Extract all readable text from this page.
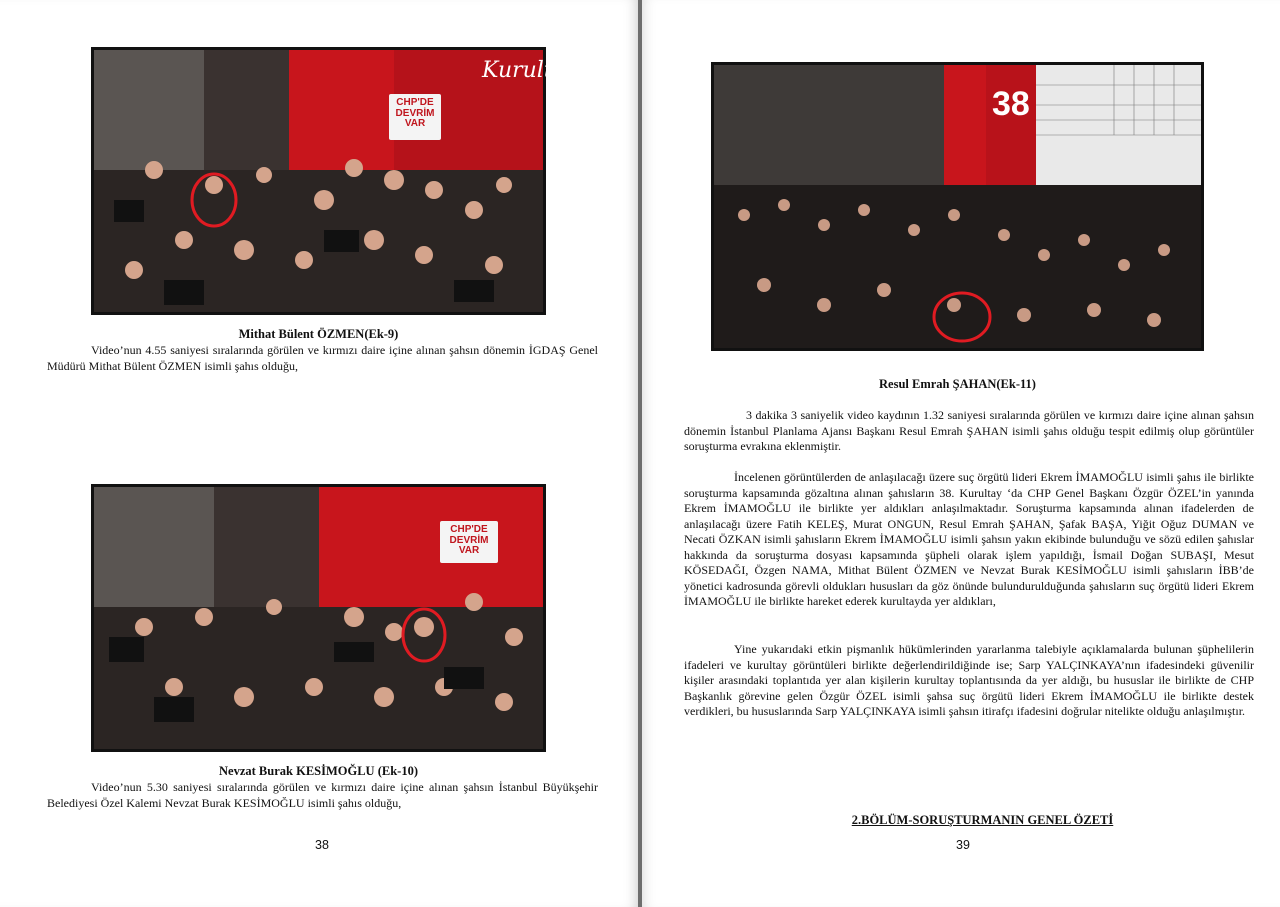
CHP'DE DEVRİM VAR
Kurultay
Mithat Bülent ÖZMEN(Ek-9)

Video’nun 4.55 saniyesi sıralarında görülen ve kırmızı daire içine alınan şahsın dönemin İGDAŞ Genel Müdürü Mithat Bülent ÖZMEN isimli şahıs olduğu,

CHP'DE DEVRİM VAR
Nevzat Burak KESİMOĞLU (Ek-10)

Video’nun 5.30 saniyesi sıralarında görülen ve kırmızı daire içine alınan şahsın İstanbul Büyükşehir Belediyesi Özel Kalemi Nevzat Burak KESİMOĞLU isimli şahıs olduğu,

38
38
Resul Emrah ŞAHAN(Ek-11)

3 dakika 3 saniyelik video kaydının 1.32 saniyesi sıralarında görülen ve kırmızı daire içine alınan şahsın dönemin İstanbul Planlama Ajansı Başkanı Resul Emrah ŞAHAN isimli şahıs olduğu tespit edilmiş olup görüntüler soruşturma evrakına eklenmiştir.

İncelenen görüntülerden de anlaşılacağı üzere suç örgütü lideri Ekrem İMAMOĞLU isimli şahıs ile birlikte soruşturma kapsamında gözaltına alınan şahısların 38. Kurultay ‘da CHP Genel Başkanı Özgür ÖZEL’in yanında Ekrem İMAMOĞLU ile birlikte yer aldıkları anlaşılmaktadır. Soruşturma kapsamında alınan ifadelerden de anlaşılacağı üzere Fatih KELEŞ, Murat ONGUN, Resul Emrah ŞAHAN, Şafak BAŞA, Yiğit Oğuz DUMAN ve Necati ÖZKAN isimli şahısların Ekrem İMAMOĞLU isimli şahsın yakın ekibinde bulunduğu ve sözü edilen şahıslar hakkında da soruşturma dosyası kapsamında şüpheli olarak işlem yapıldığı, İsmail Doğan SUBAŞI, Mesut KÖSEDAĞI, Özgen NAMA, Mithat Bülent ÖZMEN ve Nevzat Burak KESİMOĞLU isimli şahısların İBB’de yönetici kadrosunda görevli oldukları hususları da göz önünde bulundurulduğunda şahısların suç örgütü lideri Ekrem İMAMOĞLU ile birlikte hareket ederek kurultayda yer aldıkları,

Yine yukarıdaki etkin pişmanlık hükümlerinden yararlanma talebiyle açıklamalarda bulunan şüphelilerin ifadeleri ve kurultay görüntüleri birlikte değerlendirildiğinde ise; Sarp YALÇINKAYA’nın ifadesindeki güvenilir kişiler arasındaki toplantıda yer alan kişilerin kurultay toplantısında da yer aldığı, bu hususlar ile birlikte de CHP Başkanlık görevine gelen Özgür ÖZEL isimli şahsa suç örgütü lideri Ekrem İMAMOĞLU ile birlikte destek verdikleri, bu hususlarında Sarp YALÇINKAYA isimli şahsın itirafçı ifadesini doğrular nitelikte olduğu anlaşılmıştır.

2.BÖLÜM-SORUŞTURMANIN GENEL ÖZETİ
39
